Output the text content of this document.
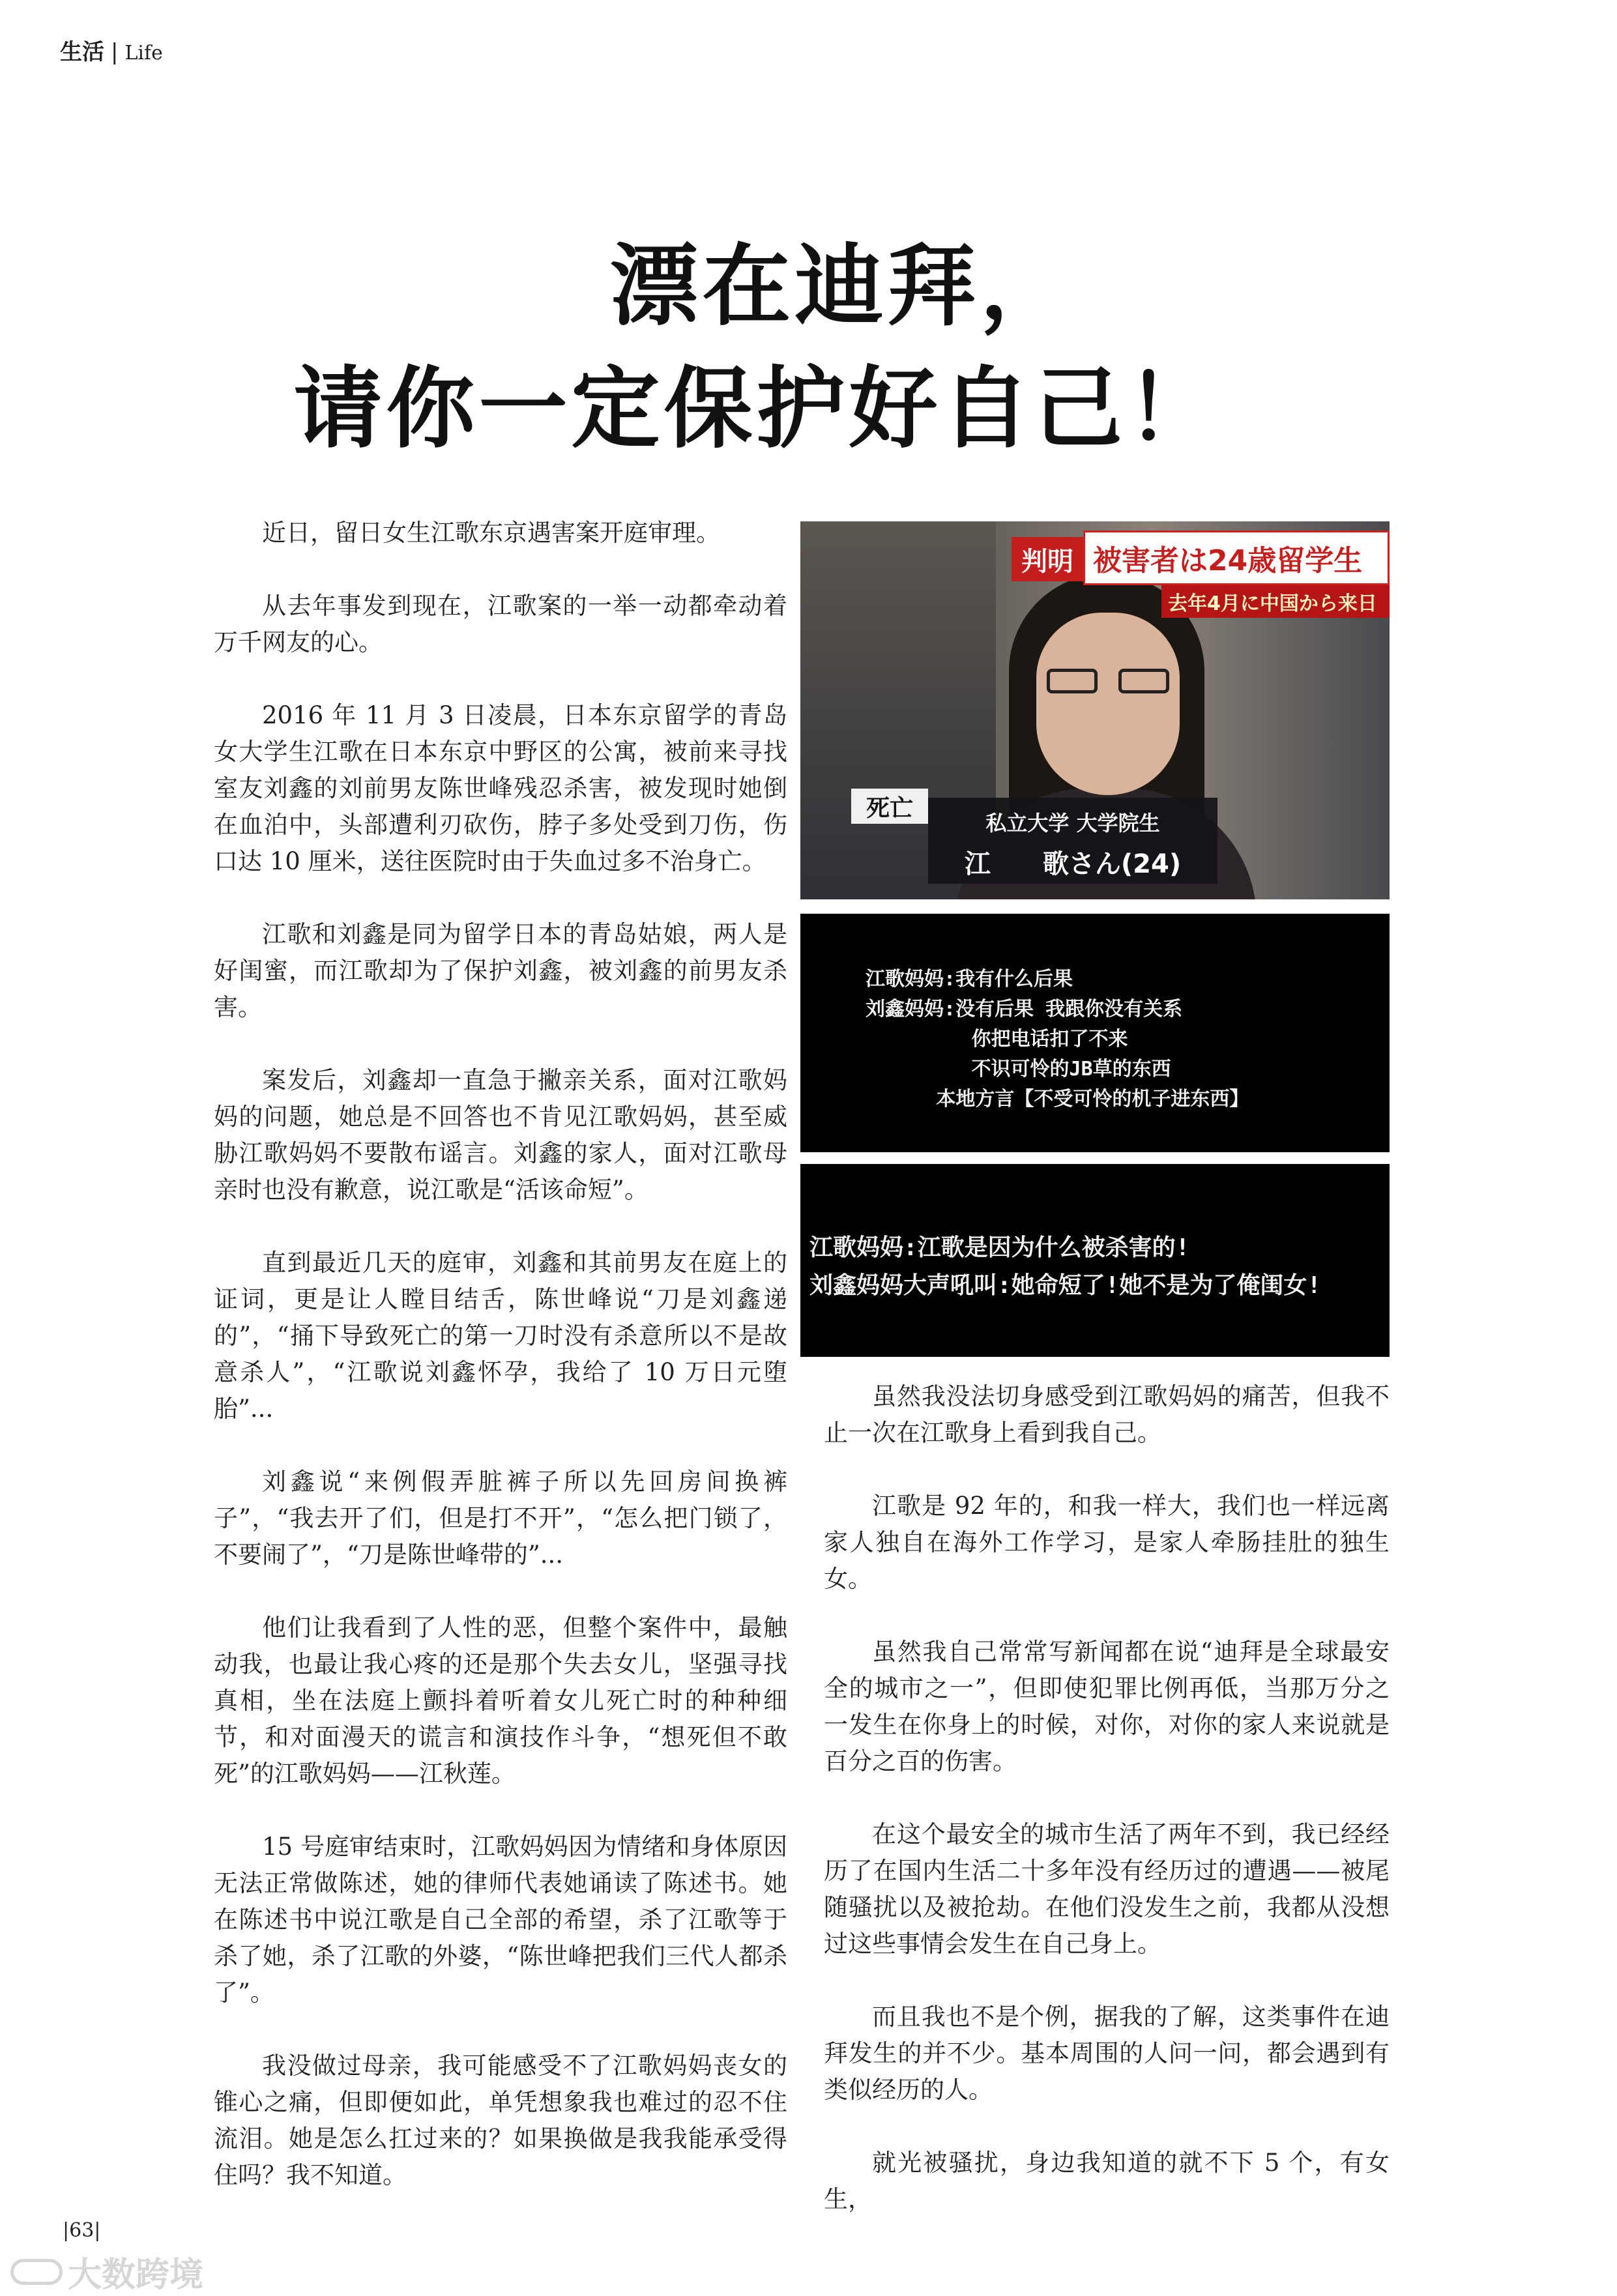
生活 | Life
漂在迪拜，
请你一定保护好自己！

近日，留日女生江歌东京遇害案开庭审理。

从去年事发到现在，江歌案的一举一动都牵动着万千网友的心。

2016 年 11 月 3 日凌晨，日本东京留学的青岛女大学生江歌在日本东京中野区的公寓，被前来寻找室友刘鑫的刘前男友陈世峰残忍杀害，被发现时她倒在血泊中，头部遭利刃砍伤，脖子多处受到刀伤，伤口达 10 厘米，送往医院时由于失血过多不治身亡。

江歌和刘鑫是同为留学日本的青岛姑娘，两人是好闺蜜，而江歌却为了保护刘鑫，被刘鑫的前男友杀害。

案发后，刘鑫却一直急于撇亲关系，面对江歌妈妈的问题，她总是不回答也不肯见江歌妈妈，甚至威胁江歌妈妈不要散布谣言。刘鑫的家人，面对江歌母亲时也没有歉意，说江歌是“活该命短”。

直到最近几天的庭审，刘鑫和其前男友在庭上的证词，更是让人瞠目结舌，陈世峰说“刀是刘鑫递的”，“捅下导致死亡的第一刀时没有杀意所以不是故意杀人”，“江歌说刘鑫怀孕，我给了 10 万日元堕胎”...

刘鑫说“来例假弄脏裤子所以先回房间换裤子”，“我去开了们，但是打不开”，“怎么把门锁了，不要闹了”，“刀是陈世峰带的”...

他们让我看到了人性的恶，但整个案件中，最触动我，也最让我心疼的还是那个失去女儿，坚强寻找真相，坐在法庭上颤抖着听着女儿死亡时的种种细节，和对面漫天的谎言和演技作斗争，“想死但不敢死”的江歌妈妈——江秋莲。

15 号庭审结束时，江歌妈妈因为情绪和身体原因无法正常做陈述，她的律师代表她诵读了陈述书。她在陈述书中说江歌是自己全部的希望，杀了江歌等于杀了她，杀了江歌的外婆，“陈世峰把我们三代人都杀了”。

我没做过母亲，我可能感受不了江歌妈妈丧女的锥心之痛，但即便如此，单凭想象我也难过的忍不住流泪。她是怎么扛过来的？如果换做是我我能承受得住吗？我不知道。

判明 被害者は24歳留学生
去年4月に中国から来日
死亡
私立大学 大学院生
江　　歌さん(24)
江歌妈妈:我有什么后果
刘鑫妈妈:没有后果 我跟你没有关系
你把电话扣了不来
不识可怜的JB草的东西
本地方言【不受可怜的机子进东西】
江歌妈妈:江歌是因为什么被杀害的!
刘鑫妈妈大声吼叫:她命短了!她不是为了俺闺女!

虽然我没法切身感受到江歌妈妈的痛苦，但我不止一次在江歌身上看到我自己。

江歌是 92 年的，和我一样大，我们也一样远离家人独自在海外工作学习，是家人牵肠挂肚的独生女。

虽然我自己常常写新闻都在说“迪拜是全球最安全的城市之一”，但即使犯罪比例再低，当那万分之一发生在你身上的时候，对你，对你的家人来说就是百分之百的伤害。

在这个最安全的城市生活了两年不到，我已经经历了在国内生活二十多年没有经历过的遭遇——被尾随骚扰以及被抢劫。在他们没发生之前，我都从没想过这些事情会发生在自己身上。

而且我也不是个例，据我的了解，这类事件在迪拜发生的并不少。基本周围的人问一问，都会遇到有类似经历的人。

就光被骚扰，身边我知道的就不下 5 个，有女生，

|63|
大数跨境
